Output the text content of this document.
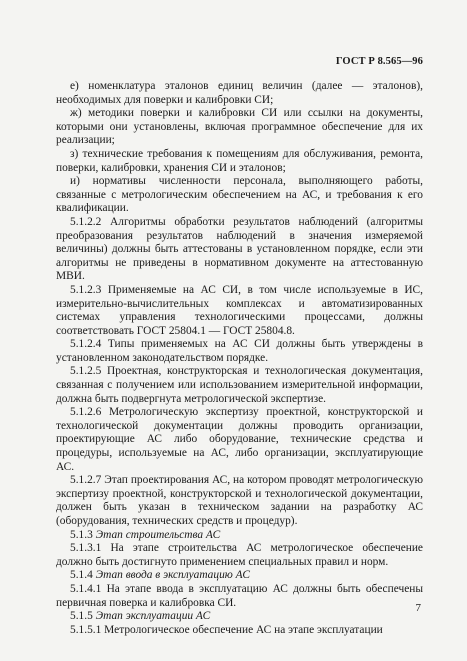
ГОСТ Р 8.565—96

е) номенклатура эталонов единиц величин (далее — эталонов), необходимых для поверки и калибровки СИ;

ж) методики поверки и калибровки СИ или ссылки на документы, которыми они установлены, включая программное обеспечение для их реализации;

з) технические требования к помещениям для обслуживания, ремонта, поверки, калибровки, хранения СИ и эталонов;

и) нормативы численности персонала, выполняющего работы, связанные с метрологическим обеспечением на АС, и требования к его квалификации.

5.1.2.2 Алгоритмы обработки результатов наблюдений (алгоритмы преобразования результатов наблюдений в значения измеряемой величины) должны быть аттестованы в установленном порядке, если эти алгоритмы не приведены в нормативном документе на аттестованную МВИ.

5.1.2.3 Применяемые на АС СИ, в том числе используемые в ИС, измерительно-вычислительных комплексах и автоматизированных системах управления технологическими процессами, должны соответствовать ГОСТ 25804.1 — ГОСТ 25804.8.

5.1.2.4 Типы применяемых на АС СИ должны быть утверждены в установленном законодательством порядке.

5.1.2.5 Проектная, конструкторская и технологическая документация, связанная с получением или использованием измерительной информации, должна быть подвергнута метрологической экспертизе.

5.1.2.6 Метрологическую экспертизу проектной, конструкторской и технологической документации должны проводить организации, проектирующие АС либо оборудование, технические средства и процедуры, используемые на АС, либо организации, эксплуатирующие АС.

5.1.2.7 Этап проектирования АС, на котором проводят метрологическую экспертизу проектной, конструкторской и технологической документации, должен быть указан в техническом задании на разработку АС (оборудования, технических средств и процедур).

5.1.3 Этап строительства АС

5.1.3.1 На этапе строительства АС метрологическое обеспечение должно быть достигнуто применением специальных правил и норм.

5.1.4 Этап ввода в эксплуатацию АС

5.1.4.1 На этапе ввода в эксплуатацию АС должны быть обеспечены первичная поверка и калибровка СИ.

5.1.5 Этап эксплуатации АС

5.1.5.1 Метрологическое обеспечение АС на этапе эксплуатации

7
